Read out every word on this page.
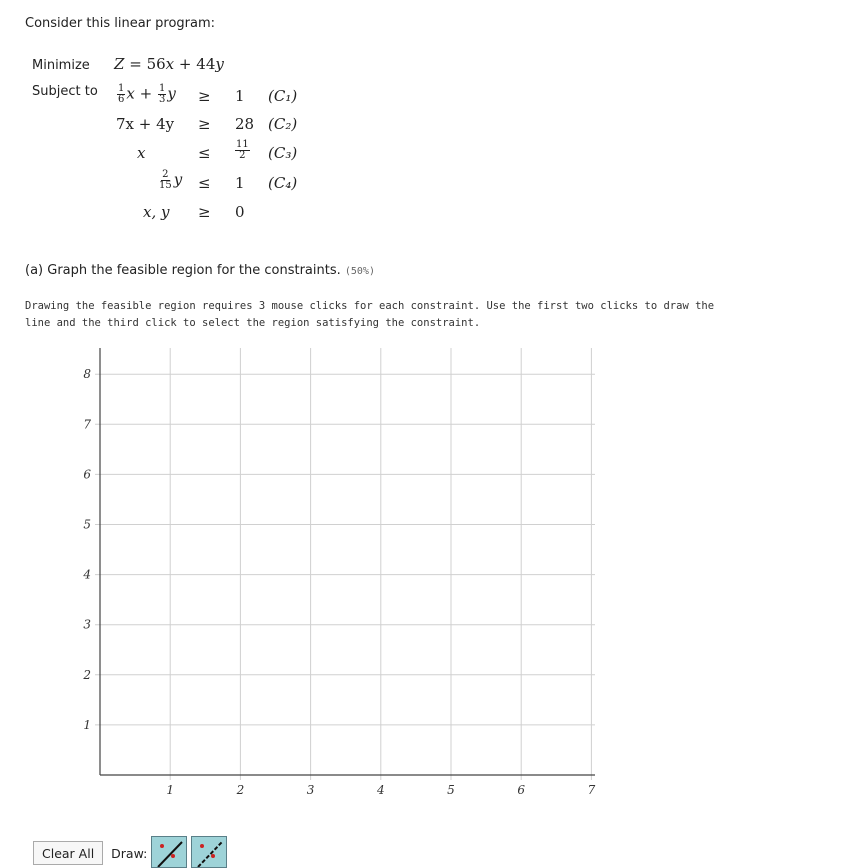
Consider this linear program:
Minimize Z = 56x + 44y
Subject to $\frac{1}{6}$ $x + \frac{1}{3}$ y ≥ 1 (C₁)
7x + 4y ≥ 28 (C₂)
x	≤ $\frac{11}{2} (C_3)$
$\frac{2}{15}$ y ≤ 1 (C₄)
x, y ≥ 0
(a) Graph the feasible region for the constraints. (50%)
Drawing the feasible region requires 3 mouse clicks for each constraint. Use the first two clicks to draw the line and the third click to select the region satisfying the constraint.
1	2	3	4	5	6	7
1
2
3
4
5
6
7
8
Clear All	Draw:
